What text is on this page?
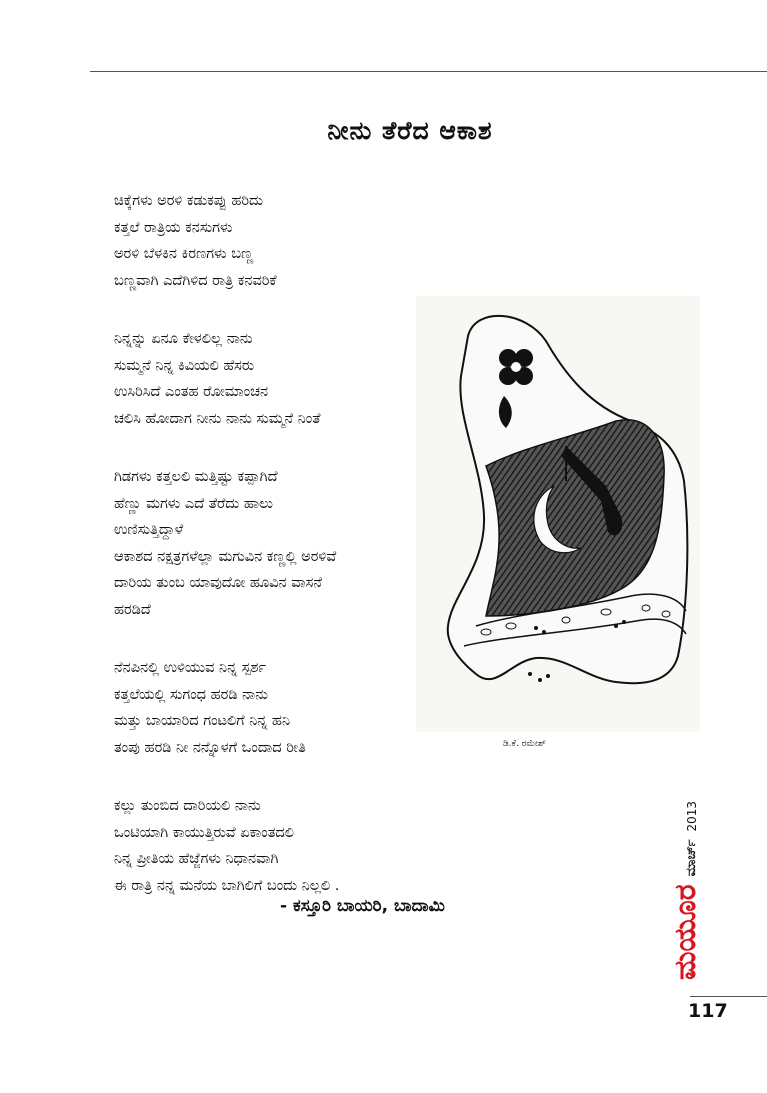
ನೀನು ತೆರೆದ ಆಕಾಶ
ಚಿಕ್ಕೆಗಳು ಅರಳಿ ಕಡುಕಪ್ಪು ಹರಿದು
ಕತ್ತಲೆ ರಾತ್ರಿಯ ಕನಸುಗಳು
ಅರಳಿ ಬೆಳಕಿನ ಕಿರಣಗಳು ಬಣ್ಣ
ಬಣ್ಣವಾಗಿ ಎದೆಗಿಳಿದ ರಾತ್ರಿ ಕನವರಿಕೆ
ನಿನ್ನನ್ನು ಏನೂ ಕೇಳಲಿಲ್ಲ ನಾನು
ಸುಮ್ಮನೆ ನಿನ್ನ ಕಿವಿಯಲಿ ಹೆಸರು
ಉಸಿರಿಸಿದೆ ಎಂತಹ ರೋಮಾಂಚನ
ಚಲಿಸಿ ಹೋದಾಗ ನೀನು ನಾನು ಸುಮ್ಮನೆ ನಿಂತೆ
ಗಿಡಗಳು ಕತ್ತಲಲಿ ಮತ್ತಿಷ್ಟು ಕಪ್ಪಾಗಿದೆ
ಹೆಣ್ಣು ಮಗಳು ಎದೆ ತೆರೆದು ಹಾಲು
ಉಣಿಸುತ್ತಿದ್ದಾಳೆ
ಆಕಾಶದ ನಕ್ಷತ್ರಗಳೆಲ್ಲಾ ಮಗುವಿನ ಕಣ್ಣಲ್ಲಿ ಅರಳಿವೆ
ದಾರಿಯ ತುಂಬ ಯಾವುದೋ ಹೂವಿನ ವಾಸನೆ
ಹರಡಿದೆ
ನೆನಪಿನಲ್ಲಿ ಉಳಿಯುವ ನಿನ್ನ ಸ್ಪರ್ಶ
ಕತ್ತಲೆಯಲ್ಲಿ ಸುಗಂಧ ಹರಡಿ ನಾನು
ಮತ್ತು ಬಾಯಾರಿದ ಗಂಟಲಿಗೆ ನಿನ್ನ ಹನಿ
ತಂಪು ಹರಡಿ ನೀ ನನ್ನೊಳಗೆ ಒಂದಾದ ರೀತಿ
ಕಲ್ಲು ತುಂಬಿದ ದಾರಿಯಲಿ ನಾನು
ಒಂಟಿಯಾಗಿ ಕಾಯುತ್ತಿರುವೆ ಏಕಾಂತದಲಿ
ನಿನ್ನ ಪ್ರೀತಿಯ ಹೆಜ್ಜೆಗಳು ನಿಧಾನವಾಗಿ
ಈ ರಾತ್ರಿ ನನ್ನ ಮನೆಯ ಬಾಗಿಲಿಗೆ ಬಂದು ನಿಲ್ಲಲಿ .
ಡಿ.ಕೆ. ರಮೇಶ್
- ಕಸ್ತೂರಿ ಬಾಯರಿ, ಬಾದಾಮಿ	ಮಯೂರ
ಮಾರ್ಚ್
2013
117
